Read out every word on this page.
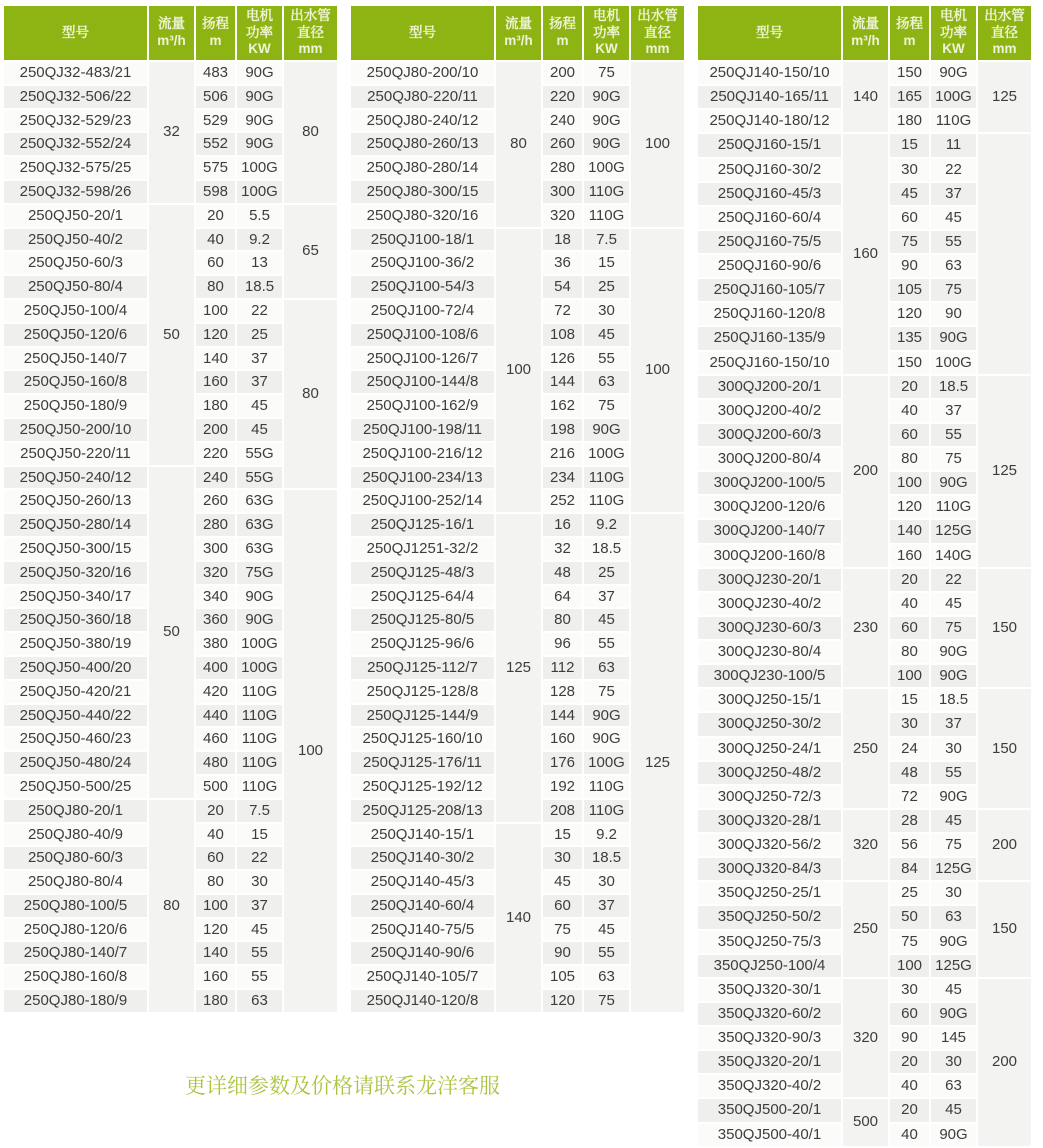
型号	流量
m³/h	扬程
m	电机
功率
KW	出水管
直径
mm
250QJ32-483/21	32	483	90G	80
250QJ32-506/22		506	90G	
250QJ32-529/23		529	90G	
250QJ32-552/24		552	90G	
250QJ32-575/25		575	100G	
250QJ32-598/26		598	100G	
250QJ50-20/1	50	20	5.5	65
250QJ50-40/2		40	9.2	
250QJ50-60/3		60	13	
250QJ50-80/4		80	18.5	
250QJ50-100/4		100	22	80
250QJ50-120/6		120	25	
250QJ50-140/7		140	37	
250QJ50-160/8		160	37	
250QJ50-180/9		180	45	
250QJ50-200/10		200	45	
250QJ50-220/11		220	55G	
250QJ50-240/12	50	240	55G	
250QJ50-260/13		260	63G	100
250QJ50-280/14		280	63G	
250QJ50-300/15		300	63G	
250QJ50-320/16		320	75G	
250QJ50-340/17		340	90G	
250QJ50-360/18		360	90G	
250QJ50-380/19		380	100G	
250QJ50-400/20		400	100G	
250QJ50-420/21		420	110G	
250QJ50-440/22		440	110G	
250QJ50-460/23		460	110G	
250QJ50-480/24		480	110G	
250QJ50-500/25		500	110G	
250QJ80-20/1	80	20	7.5	
250QJ80-40/9		40	15	
250QJ80-60/3		60	22	
250QJ80-80/4		80	30	
250QJ80-100/5		100	37	
250QJ80-120/6		120	45	
250QJ80-140/7		140	55	
250QJ80-160/8		160	55	
250QJ80-180/9		180	63	
型号	流量
m³/h	扬程
m	电机
功率
KW	出水管
直径
mm
250QJ80-200/10	80	200	75	100
250QJ80-220/11		220	90G	
250QJ80-240/12		240	90G	
250QJ80-260/13		260	90G	
250QJ80-280/14		280	100G	
250QJ80-300/15		300	110G	
250QJ80-320/16		320	110G	
250QJ100-18/1	100	18	7.5	100
250QJ100-36/2		36	15	
250QJ100-54/3		54	25	
250QJ100-72/4		72	30	
250QJ100-108/6		108	45	
250QJ100-126/7		126	55	
250QJ100-144/8		144	63	
250QJ100-162/9		162	75	
250QJ100-198/11		198	90G	
250QJ100-216/12		216	100G	
250QJ100-234/13		234	110G	
250QJ100-252/14		252	110G	
250QJ125-16/1	125	16	9.2	125
250QJ1251-32/2		32	18.5	
250QJ125-48/3		48	25	
250QJ125-64/4		64	37	
250QJ125-80/5		80	45	
250QJ125-96/6		96	55	
250QJ125-112/7		112	63	
250QJ125-128/8		128	75	
250QJ125-144/9		144	90G	
250QJ125-160/10		160	90G	
250QJ125-176/11		176	100G	
250QJ125-192/12		192	110G	
250QJ125-208/13		208	110G	
250QJ140-15/1	140	15	9.2	
250QJ140-30/2		30	18.5	
250QJ140-45/3		45	30	
250QJ140-60/4		60	37	
250QJ140-75/5		75	45	
250QJ140-90/6		90	55	
250QJ140-105/7		105	63	
250QJ140-120/8		120	75	
型号	流量
m³/h	扬程
m	电机
功率
KW	出水管
直径
mm
250QJ140-150/10	140	150	90G	125
250QJ140-165/11		165	100G	
250QJ140-180/12		180	110G	
250QJ160-15/1	160	15	11	
250QJ160-30/2		30	22	
250QJ160-45/3		45	37	
250QJ160-60/4		60	45	
250QJ160-75/5		75	55	
250QJ160-90/6		90	63	
250QJ160-105/7		105	75	
250QJ160-120/8		120	90	
250QJ160-135/9		135	90G	
250QJ160-150/10		150	100G	
300QJ200-20/1	200	20	18.5	125
300QJ200-40/2		40	37	
300QJ200-60/3		60	55	
300QJ200-80/4		80	75	
300QJ200-100/5		100	90G	
300QJ200-120/6		120	110G	
300QJ200-140/7		140	125G	
300QJ200-160/8		160	140G	
300QJ230-20/1	230	20	22	150
300QJ230-40/2		40	45	
300QJ230-60/3		60	75	
300QJ230-80/4		80	90G	
300QJ230-100/5		100	90G	
300QJ250-15/1	250	15	18.5	150
300QJ250-30/2		30	37	
300QJ250-24/1		24	30	
300QJ250-48/2		48	55	
300QJ250-72/3		72	90G	
300QJ320-28/1	320	28	45	200
300QJ320-56/2		56	75	
300QJ320-84/3		84	125G	
350QJ250-25/1	250	25	30	150
350QJ250-50/2		50	63	
350QJ250-75/3		75	90G	
350QJ250-100/4		100	125G	
350QJ320-30/1	320	30	45	200
350QJ320-60/2		60	90G	
350QJ320-90/3		90	145	
350QJ320-20/1		20	30	
350QJ320-40/2		40	63	
350QJ500-20/1	500	20	45	
350QJ500-40/1		40	90G	
更详细参数及价格请联系龙洋客服
